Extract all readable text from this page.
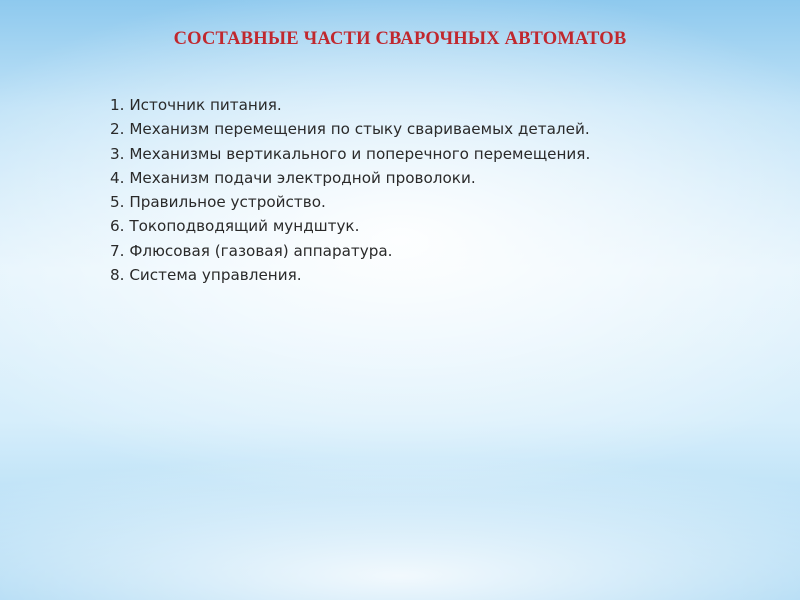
СОСТАВНЫЕ ЧАСТИ СВАРОЧНЫХ АВТОМАТОВ
1. Источник питания.
2. Механизм перемещения по стыку свариваемых деталей.
3. Механизмы вертикального и поперечного перемещения.
4. Механизм подачи электродной проволоки.
5. Правильное устройство.
6. Токоподводящий мундштук.
7. Флюсовая (газовая) аппаратура.
8. Система управления.
